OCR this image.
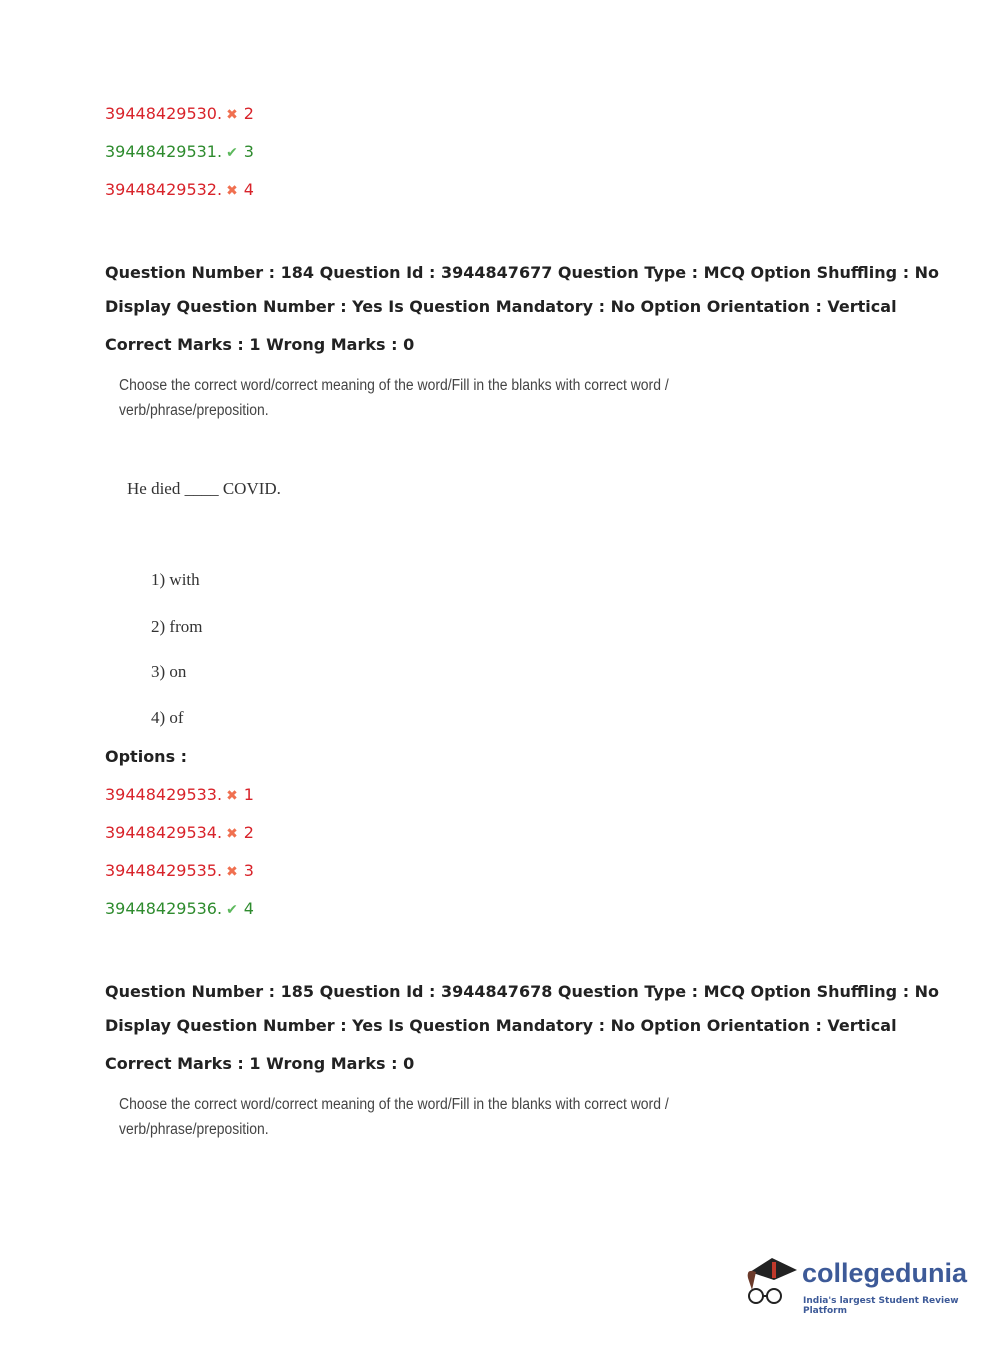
39448429530. ✖ 2
39448429531. ✔ 3
39448429532. ✖ 4
Question Number : 184 Question Id : 3944847677 Question Type : MCQ Option Shuffling : No
Display Question Number : Yes Is Question Mandatory : No Option Orientation : Vertical
Correct Marks : 1 Wrong Marks : 0
Choose the correct word/correct meaning of the word/Fill in the blanks with correct word /
verb/phrase/preposition.
He died ____ COVID.
1) with
2) from
3) on
4) of
Options :
39448429533. ✖ 1
39448429534. ✖ 2
39448429535. ✖ 3
39448429536. ✔ 4
Question Number : 185 Question Id : 3944847678 Question Type : MCQ Option Shuffling : No
Display Question Number : Yes Is Question Mandatory : No Option Orientation : Vertical
Correct Marks : 1 Wrong Marks : 0
Choose the correct word/correct meaning of the word/Fill in the blanks with correct word /
verb/phrase/preposition.
collegedunia
India's largest Student Review Platform
